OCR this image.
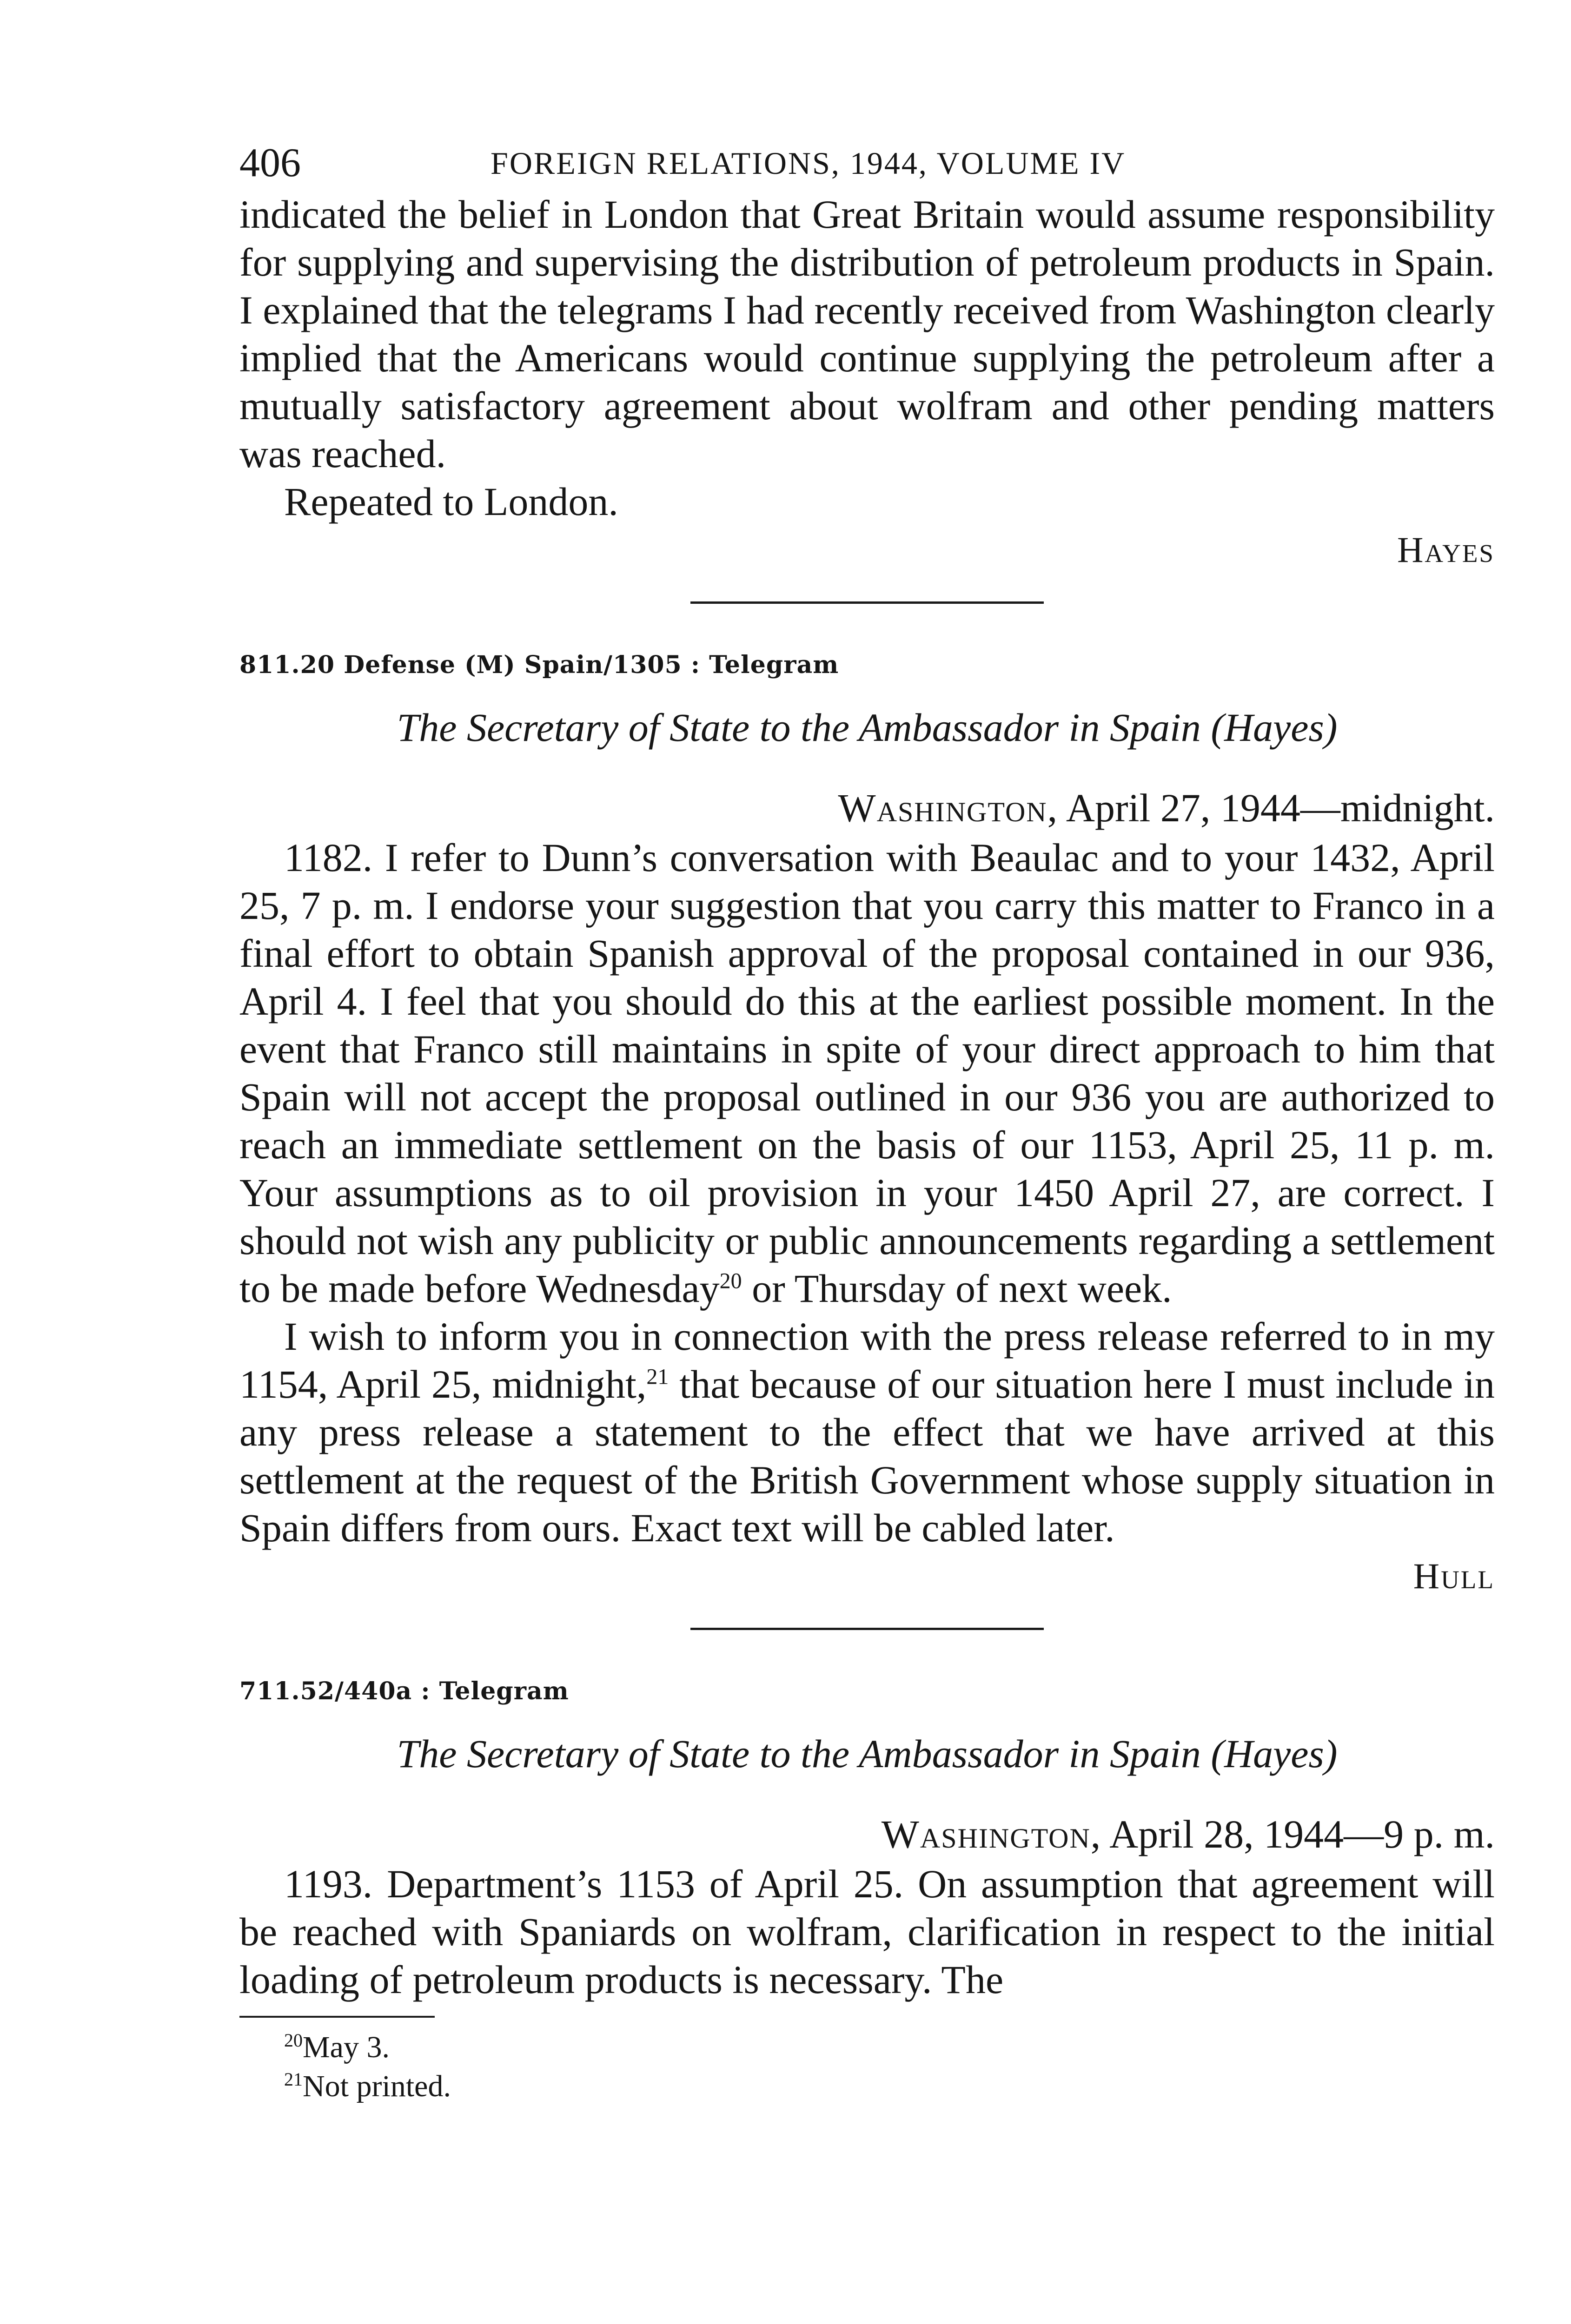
406	FOREIGN RELATIONS, 1944, VOLUME IV

indicated the belief in London that Great Britain would assume responsibility for supplying and supervising the distribution of petroleum products in Spain. I explained that the telegrams I had recently received from Washington clearly implied that the Americans would continue supplying the petroleum after a mutually satisfactory agreement about wolfram and other pending matters was reached.

Repeated to London.

Hayes
811.20 Defense (M) Spain/1305 : Telegram
The Secretary of State to the Ambassador in Spain (Hayes)
Washington, April 27, 1944—midnight.

1182. I refer to Dunn’s conversation with Beaulac and to your 1432, April 25, 7 p. m. I endorse your suggestion that you carry this matter to Franco in a final effort to obtain Spanish approval of the proposal contained in our 936, April 4. I feel that you should do this at the earliest possible moment. In the event that Franco still maintains in spite of your direct approach to him that Spain will not accept the proposal outlined in our 936 you are authorized to reach an immediate settlement on the basis of our 1153, April 25, 11 p. m. Your assumptions as to oil provision in your 1450 April 27, are correct. I should not wish any publicity or public announcements regarding a settlement to be made before Wednesday$^{20}$ or Thursday of next week.

I wish to inform you in connection with the press release referred to in my 1154, April 25, midnight,$^{21}$ that because of our situation here I must include in any press release a statement to the effect that we have arrived at this settlement at the request of the British Government whose supply situation in Spain differs from ours. Exact text will be cabled later.

Hull
711.52/440a : Telegram
The Secretary of State to the Ambassador in Spain (Hayes)
Washington, April 28, 1944—9 p. m.

1193. Department’s 1153 of April 25. On assumption that agreement will be reached with Spaniards on wolfram, clarification in respect to the initial loading of petroleum products is necessary. The

$^{20}$May 3.
$^{21}$Not printed.
